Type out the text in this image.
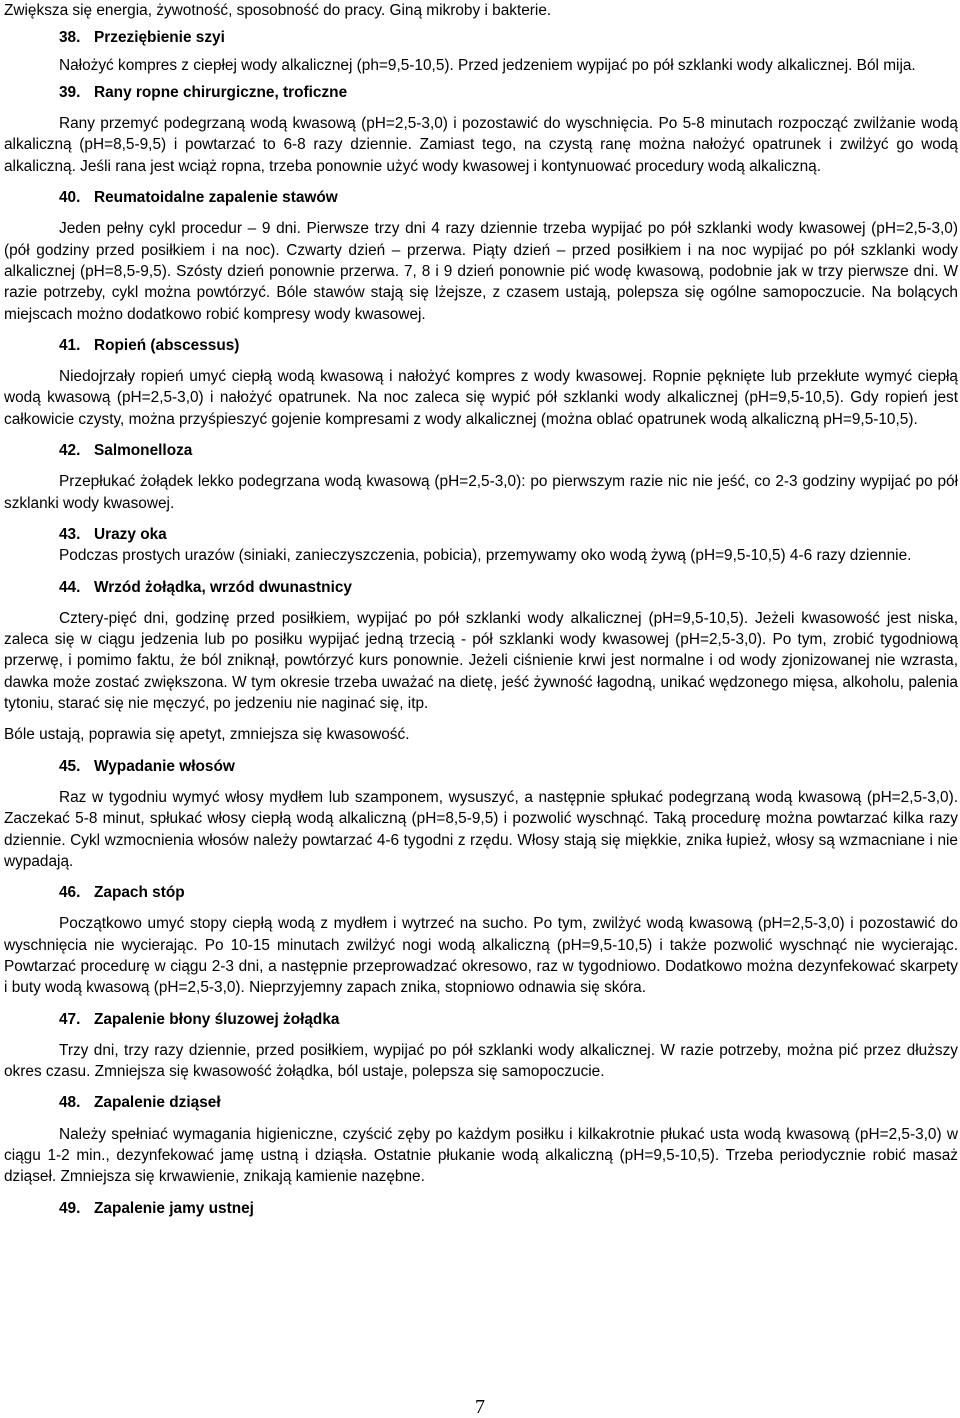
Zwiększa się energia, żywotność, sposobność do pracy. Giną mikroby i bakterie.

38. Przeziębienie szyi

Nałożyć kompres z ciepłej wody alkalicznej (ph=9,5-10,5). Przed jedzeniem wypijać po pół szklanki wody alkalicznej. Ból mija.

39. Rany ropne chirurgiczne, troficzne

Rany przemyć podegrzaną wodą kwasową (pH=2,5-3,0) i pozostawić do wyschnięcia. Po 5-8 minutach rozpocząć zwilżanie wodą alkaliczną (pH=8,5-9,5) i powtarzać to 6-8 razy dziennie. Zamiast tego, na czystą ranę można nałożyć opatrunek i zwilżyć go wodą alkaliczną. Jeśli rana jest wciąż ropna, trzeba ponownie użyć wody kwasowej i kontynuować procedury wodą alkaliczną.

40. Reumatoidalne zapalenie stawów

Jeden pełny cykl procedur – 9 dni. Pierwsze trzy dni 4 razy dziennie trzeba wypijać po pół szklanki wody kwasowej (pH=2,5-3,0) (pół godziny przed posiłkiem i na noc). Czwarty dzień – przerwa. Piąty dzień – przed posiłkiem i na noc wypijać po pół szklanki wody alkalicznej (pH=8,5-9,5). Szósty dzień ponownie przerwa. 7, 8 i 9 dzień ponownie pić wodę kwasową, podobnie jak w trzy pierwsze dni. W razie potrzeby, cykl można powtórzyć. Bóle stawów stają się lżejsze, z czasem ustają, polepsza się ogólne samopoczucie. Na bolących miejscach możno dodatkowo robić kompresy wody kwasowej.

41. Ropień (abscessus)

Niedojrzały ropień umyć ciepłą wodą kwasową i nałożyć kompres z wody kwasowej. Ropnie pęknięte lub przekłute wymyć ciepłą wodą kwasową (pH=2,5-3,0) i nałożyć opatrunek. Na noc zaleca się wypić pół szklanki wody alkalicznej (pH=9,5-10,5). Gdy ropień jest całkowicie czysty, można przyśpieszyć gojenie kompresami z wody alkalicznej (można oblać opatrunek wodą alkaliczną pH=9,5-10,5).

42. Salmonelloza

Przepłukać żołądek lekko podegrzana wodą kwasową (pH=2,5-3,0): po pierwszym razie nic nie jeść, co 2-3 godziny wypijać po pół szklanki wody kwasowej.

43. Urazy oka

Podczas prostych urazów (siniaki, zanieczyszczenia, pobicia), przemywamy oko wodą żywą (pH=9,5-10,5) 4-6 razy dziennie.

44. Wrzód żołądka, wrzód dwunastnicy

Cztery-pięć dni, godzinę przed posiłkiem, wypijać po pół szklanki wody alkalicznej (pH=9,5-10,5). Jeżeli kwasowość jest niska, zaleca się w ciągu jedzenia lub po posiłku wypijać jedną trzecią - pół szklanki wody kwasowej (pH=2,5-3,0). Po tym, zrobić tygodniową przerwę, i pomimo faktu, że ból zniknął, powtórzyć kurs ponownie. Jeżeli ciśnienie krwi jest normalne i od wody zjonizowanej nie wzrasta, dawka może zostać zwiększona. W tym okresie trzeba uważać na dietę, jeść żywność łagodną, unikać wędzonego mięsa, alkoholu, palenia tytoniu, starać się nie męczyć, po jedzeniu nie naginać się, itp.

Bóle ustają, poprawia się apetyt, zmniejsza się kwasowość.

45. Wypadanie włosów

Raz w tygodniu wymyć włosy mydłem lub szamponem, wysuszyć, a następnie spłukać podegrzaną wodą kwasową (pH=2,5-3,0). Zaczekać 5-8 minut, spłukać włosy ciepłą wodą alkaliczną (pH=8,5-9,5) i pozwolić wyschnąć. Taką procedurę można powtarzać kilka razy dziennie. Cykl wzmocnienia włosów należy powtarzać 4-6 tygodni z rzędu. Włosy stają się miękkie, znika łupież, włosy są wzmacniane i nie wypadają.

46. Zapach stóp

Początkowo umyć stopy ciepłą wodą z mydłem i wytrzeć na sucho. Po tym, zwilżyć wodą kwasową (pH=2,5-3,0) i pozostawić do wyschnięcia nie wycierając. Po 10-15 minutach zwilżyć nogi wodą alkaliczną (pH=9,5-10,5) i także pozwolić wyschnąć nie wycierając. Powtarzać procedurę w ciągu 2-3 dni, a następnie przeprowadzać okresowo, raz w tygodniowo. Dodatkowo można dezynfekować skarpety i buty wodą kwasową (pH=2,5-3,0). Nieprzyjemny zapach znika, stopniowo odnawia się skóra.

47. Zapalenie błony śluzowej żołądka

Trzy dni, trzy razy dziennie, przed posiłkiem, wypijać po pół szklanki wody alkalicznej. W razie potrzeby, można pić przez dłuższy okres czasu. Zmniejsza się kwasowość żołądka, ból ustaje, polepsza się samopoczucie.

48. Zapalenie dziąseł

Należy spełniać wymagania higieniczne, czyścić zęby po każdym posiłku i kilkakrotnie płukać usta wodą kwasową (pH=2,5-3,0) w ciągu 1-2 min., dezynfekować jamę ustną i dziąsła. Ostatnie płukanie wodą alkaliczną (pH=9,5-10,5). Trzeba periodycznie robić masaż dziąseł. Zmniejsza się krwawienie, znikają kamienie nazębne.

49. Zapalenie jamy ustnej
7
